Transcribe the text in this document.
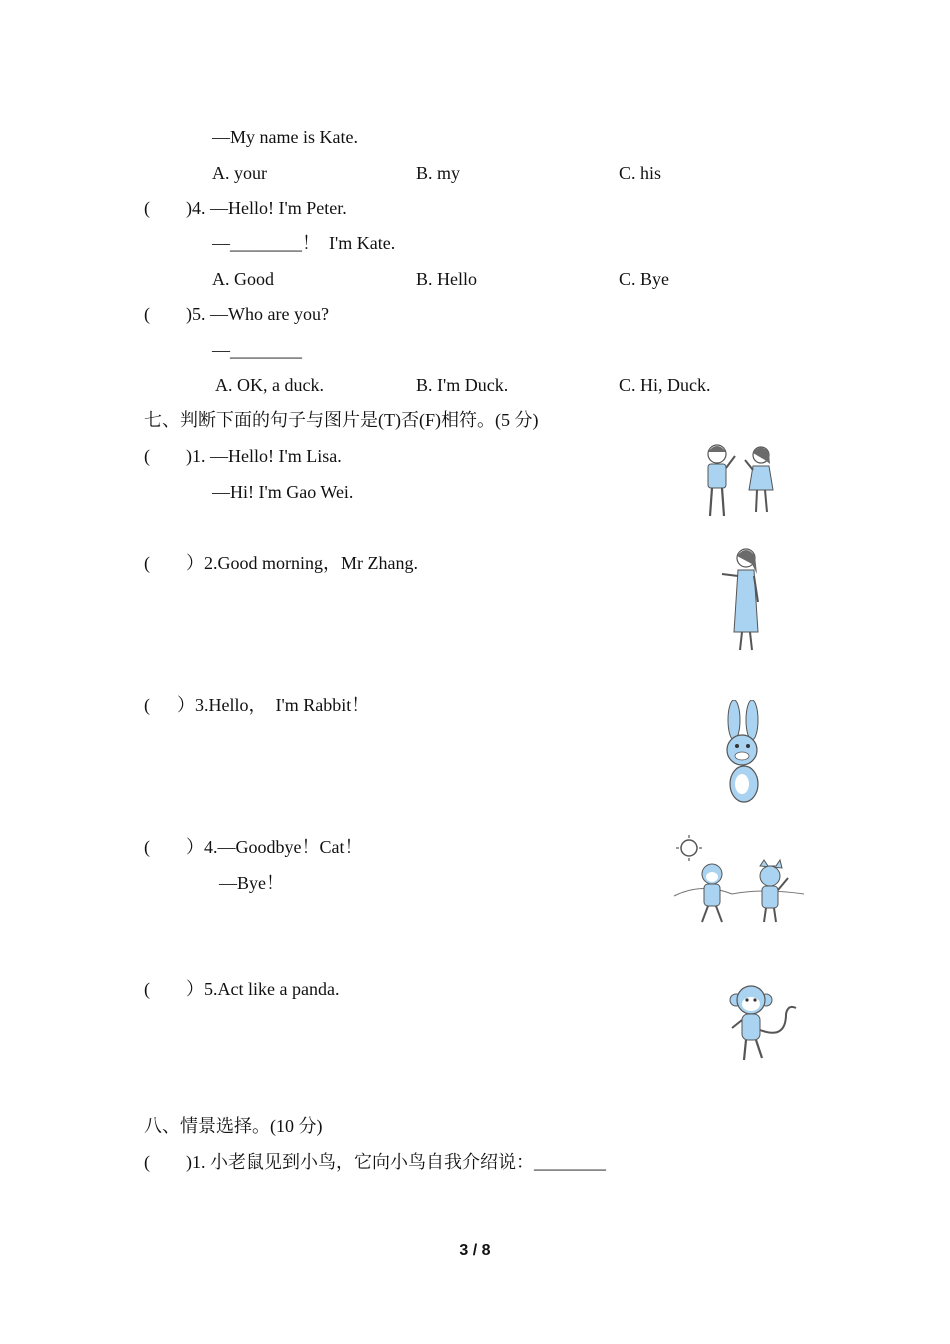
—My name is Kate.
A. your	B. my	C. his
(        )4. —Hello! I'm Peter.
—________！  I'm Kate.
A. Good	B. Hello	C. Bye
(        )5. —Who are you?
—________
A. OK, a duck.	B. I'm Duck.	C. Hi, Duck.
七、判断下面的句子与图片是(T)否(F)相符。(5 分)
(        )1. —Hello! I'm Lisa.
—Hi! I'm Gao Wei.
(        ）2.Good morning，Mr Zhang.
(      ）3.Hello，  I'm Rabbit！
(        ）4.—Goodbye！Cat！
—Bye！
(        ）5.Act like a panda.
八、情景选择。(10 分)
(        )1. 小老鼠见到小鸟，它向小鸟自我介绍说：________
3 / 8
